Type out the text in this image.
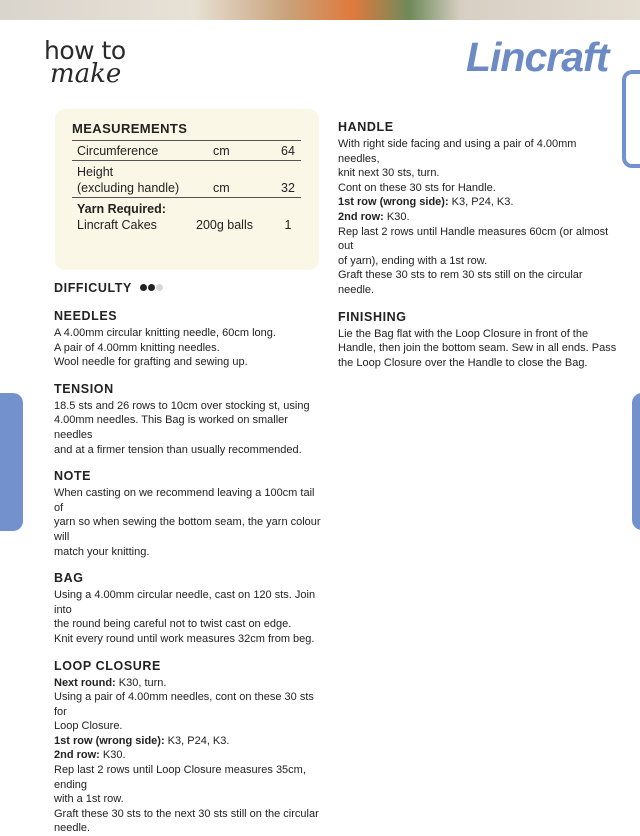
how to
make	Lincraft
MEASUREMENTS
Circumference	cm	64
Height
(excluding handle)	cm	32
Yarn Required:
Lincraft Cakes	200g balls	1
DIFFICULTY
NEEDLES

A 4.00mm circular knitting needle, 60cm long.

A pair of 4.00mm knitting needles.

Wool needle for grafting and sewing up.

TENSION

18.5 sts and 26 rows to 10cm over stocking st, using

4.00mm needles. This Bag is worked on smaller needles

and at a firmer tension than usually recommended.

NOTE

When casting on we recommend leaving a 100cm tail of

yarn so when sewing the bottom seam, the yarn colour will

match your knitting.

BAG

Using a 4.00mm circular needle, cast on 120 sts. Join into

the round being careful not to twist cast on edge.

Knit every round until work measures 32cm from beg.

LOOP CLOSURE

Next round: K30, turn.

Using a pair of 4.00mm needles, cont on these 30 sts for

Loop Closure.

1st row (wrong side): K3, P24, K3.

2nd row: K30.

Rep last 2 rows until Loop Closure measures 35cm, ending

with a 1st row.

Graft these 30 sts to the next 30 sts still on the circular

needle.

HANDLE

With right side facing and using a pair of 4.00mm needles,

knit next 30 sts, turn.

Cont on these 30 sts for Handle.

1st row (wrong side): K3, P24, K3.

2nd row: K30.

Rep last 2 rows until Handle measures 60cm (or almost out

of yarn), ending with a 1st row.

Graft these 30 sts to rem 30 sts still on the circular needle.

FINISHING

Lie the Bag flat with the Loop Closure in front of the

Handle, then join the bottom seam. Sew in all ends. Pass

the Loop Closure over the Handle to close the Bag.
